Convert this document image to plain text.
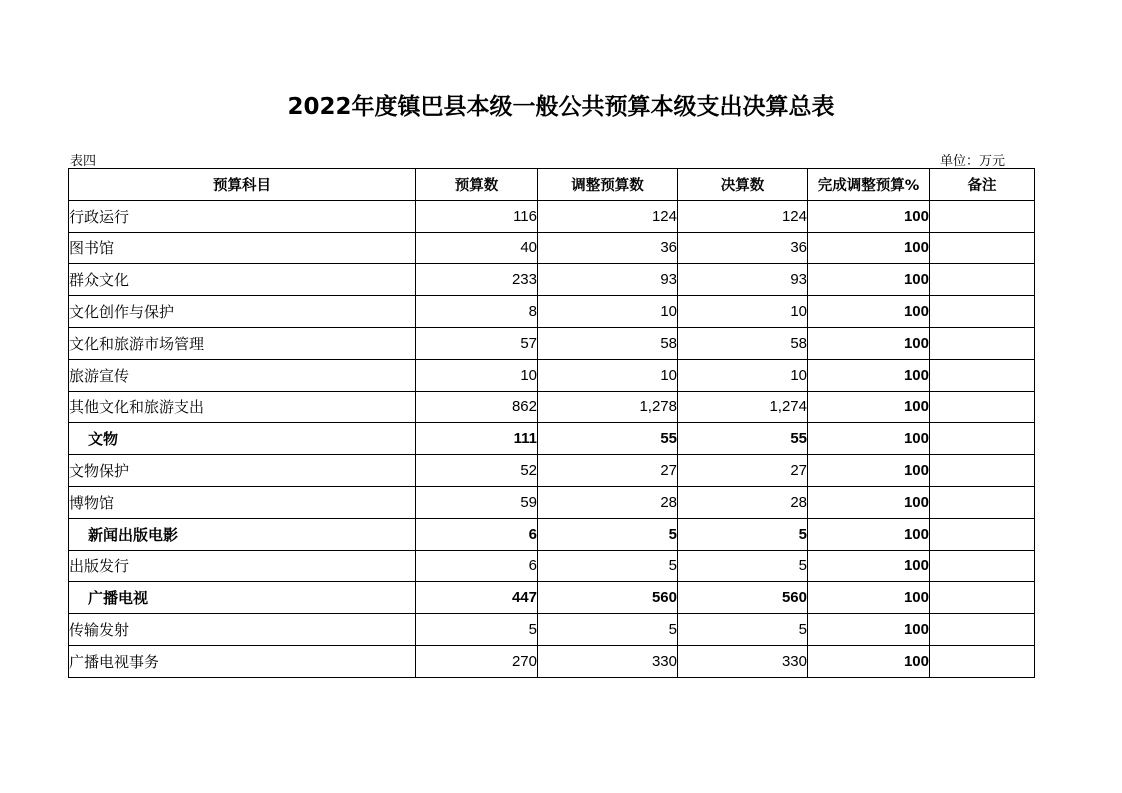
2022年度镇巴县本级一般公共预算本级支出决算总表
表四	单位：万元
预算科目	预算数	调整预算数	决算数	完成调整预算%	备注
行政运行	116	124	124	100	
图书馆	40	36	36	100	
群众文化	233	93	93	100	
文化创作与保护	8	10	10	100	
文化和旅游市场管理	57	58	58	100	
旅游宣传	10	10	10	100	
其他文化和旅游支出	862	1,278	1,274	100	
文物	111	55	55	100	
文物保护	52	27	27	100	
博物馆	59	28	28	100	
新闻出版电影	6	5	5	100	
出版发行	6	5	5	100	
广播电视	447	560	560	100	
传输发射	5	5	5	100	
广播电视事务	270	330	330	100	
